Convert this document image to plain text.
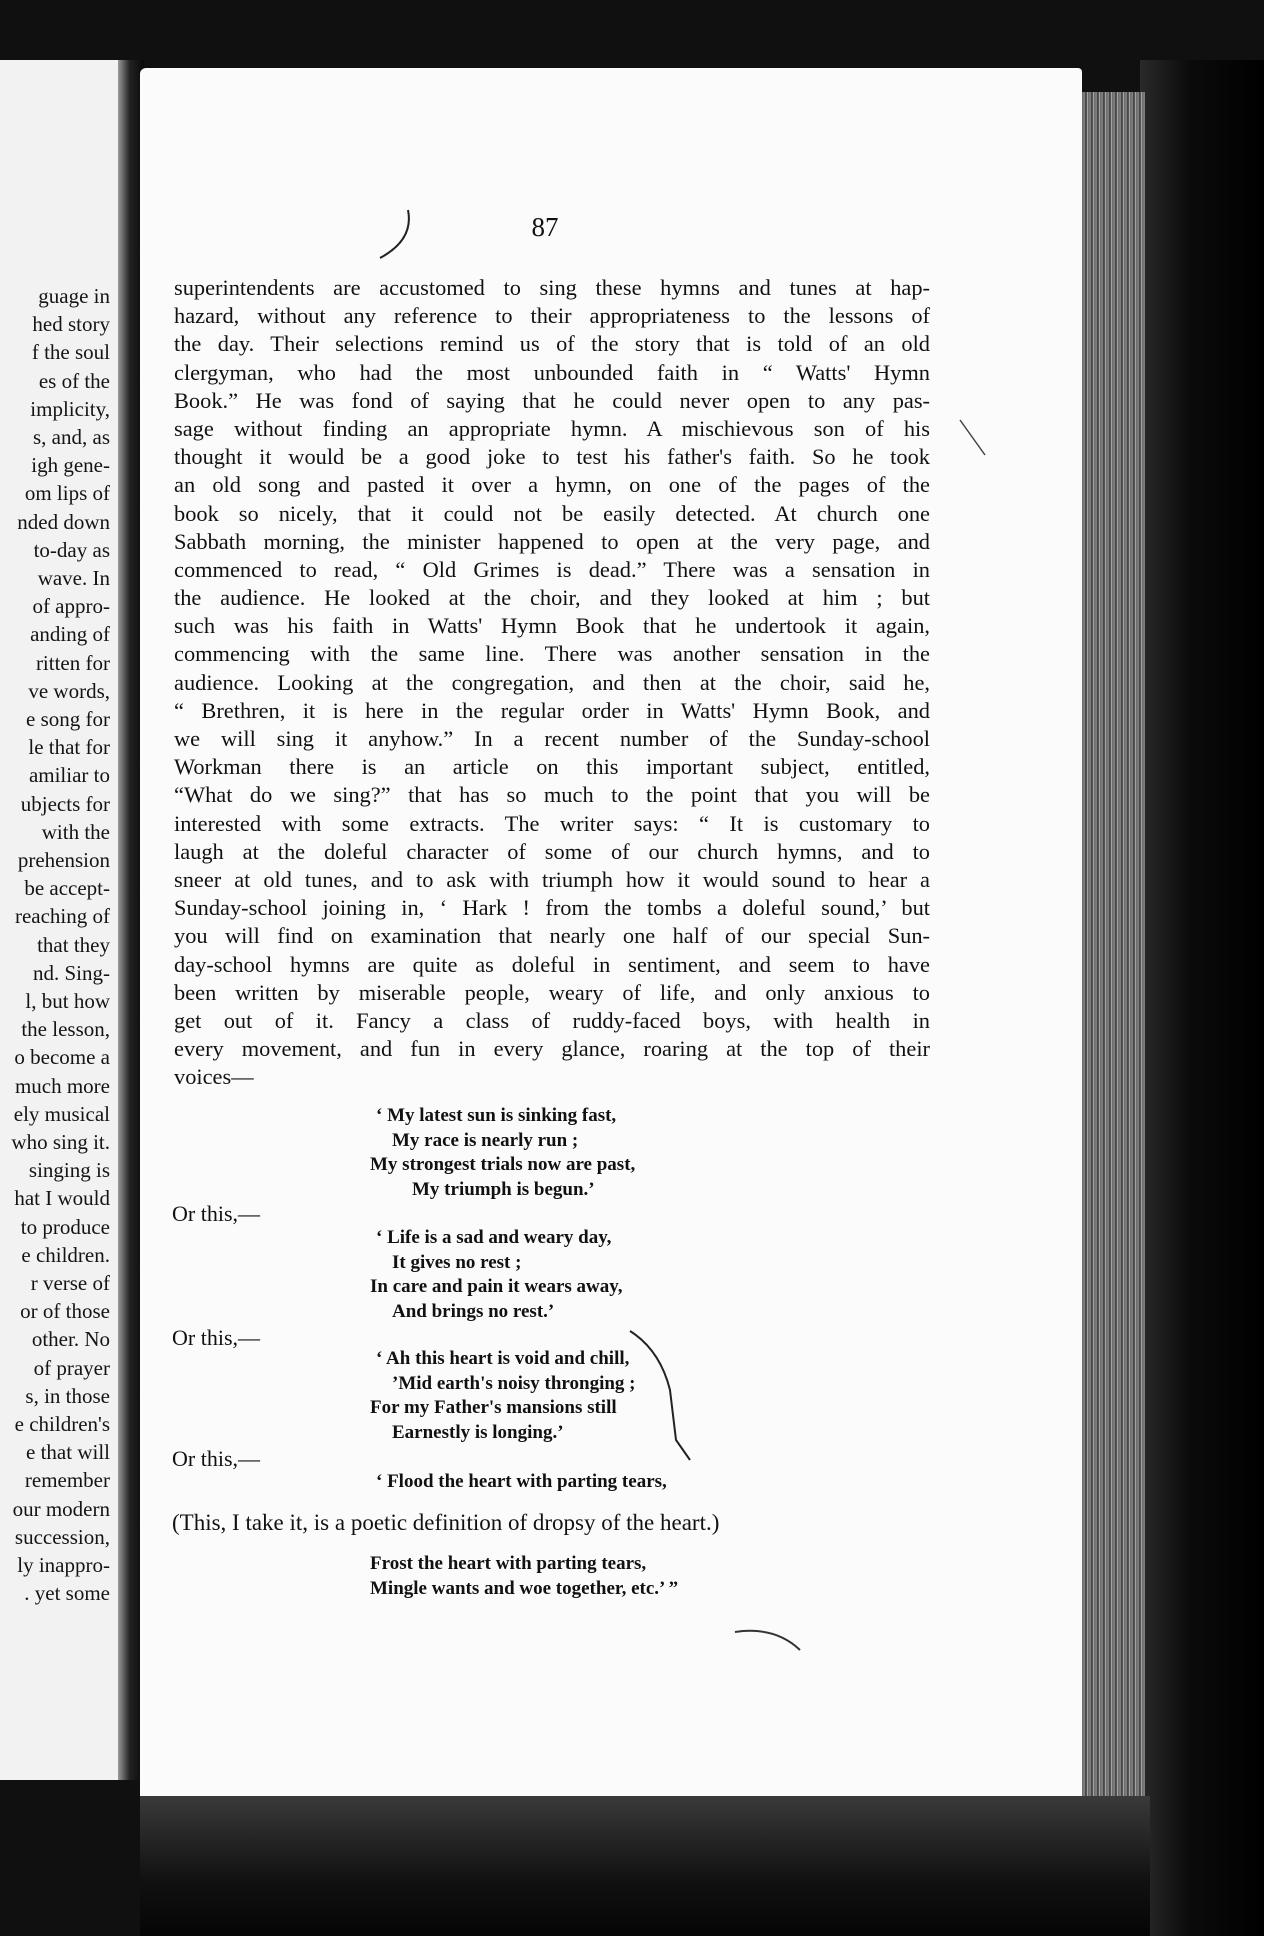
guage in
hed story
f the soul
es of the
implicity,
s, and, as
igh gene-
om lips of
nded down
to-day as
wave. In
of appro-
anding of
ritten for
ve words,
e song for
le that for
amiliar to
ubjects for
with the
prehension
be accept-
reaching of
that they
nd. Sing-
l, but how
the lesson,
o become a
much more
ely musical
who sing it.
singing is
hat I would
to produce
e children.
r verse of
or of those
other. No
of prayer
s, in those
e children's
e that will
remember
our modern
succession,
ly inappro-
. yet some
87
superintendents are accustomed to sing these hymns and tunes at hap-
hazard, without any reference to their appropriateness to the lessons of
the day. Their selections remind us of the story that is told of an old
clergyman, who had the most unbounded faith in “ Watts' Hymn
Book.” He was fond of saying that he could never open to any pas-
sage without finding an appropriate hymn. A mischievous son of his
thought it would be a good joke to test his father's faith. So he took
an old song and pasted it over a hymn, on one of the pages of the
book so nicely, that it could not be easily detected. At church one
Sabbath morning, the minister happened to open at the very page, and
commenced to read, “ Old Grimes is dead.” There was a sensation in
the audience. He looked at the choir, and they looked at him ; but
such was his faith in Watts' Hymn Book that he undertook it again,
commencing with the same line. There was another sensation in the
audience. Looking at the congregation, and then at the choir, said he,
“ Brethren, it is here in the regular order in Watts' Hymn Book, and
we will sing it anyhow.” In a recent number of the Sunday-school
Workman there is an article on this important subject, entitled,
“What do we sing?” that has so much to the point that you will be
interested with some extracts. The writer says: “ It is customary to
laugh at the doleful character of some of our church hymns, and to
sneer at old tunes, and to ask with triumph how it would sound to hear a
Sunday-school joining in, ‘ Hark ! from the tombs a doleful sound,’ but
you will find on examination that nearly one half of our special Sun-
day-school hymns are quite as doleful in sentiment, and seem to have
been written by miserable people, weary of life, and only anxious to
get out of it. Fancy a class of ruddy-faced boys, with health in
every movement, and fun in every glance, roaring at the top of their
voices—
‘ My latest sun is sinking fast,
My race is nearly run ;
My strongest trials now are past,
My triumph is begun.’
Or this,—
‘ Life is a sad and weary day,
It gives no rest ;
In care and pain it wears away,
And brings no rest.’
Or this,—
‘ Ah this heart is void and chill,
’Mid earth's noisy thronging ;
For my Father's mansions still
Earnestly is longing.’
Or this,—
‘ Flood the heart with parting tears,
(This, I take it, is a poetic definition of dropsy of the heart.)
Frost the heart with parting tears,
Mingle wants and woe together, etc.’ ”
